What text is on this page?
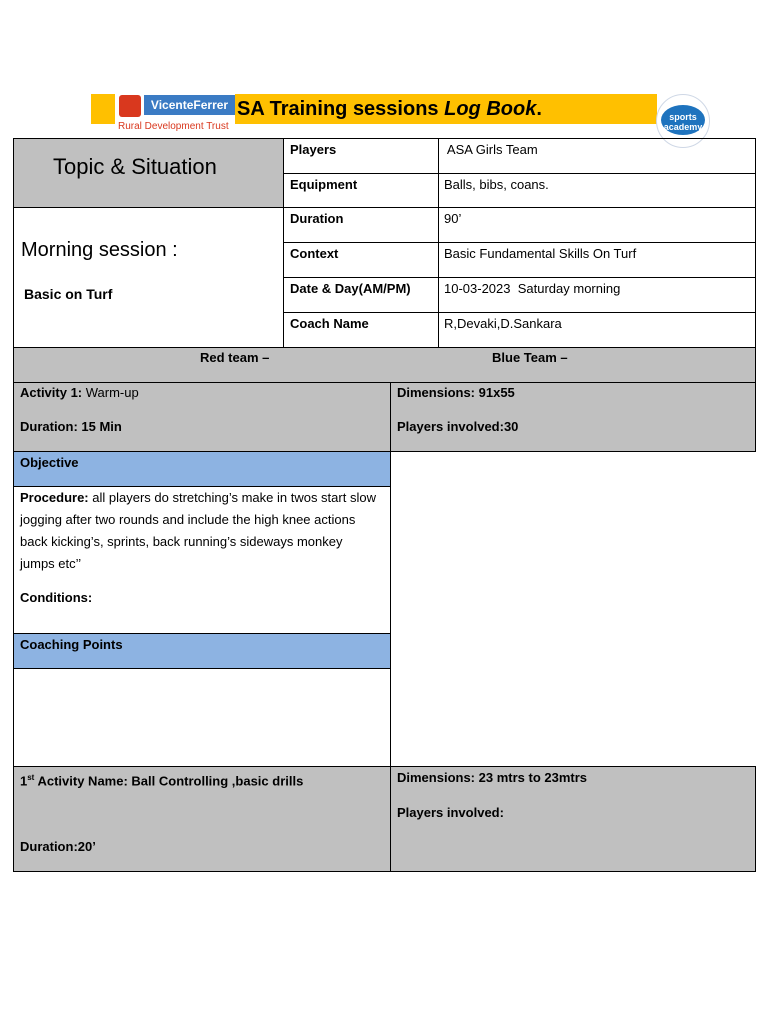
VicenteFerrer
Rural Development Trust
SA Training sessions Log Book.	sports academy
Topic & Situation
Morning session :
Basic on Turf
Players	ASA Girls Team
Equipment	Balls, bibs, coans.
Duration	90’
Context	Basic Fundamental Skills On Turf
Date & Day(AM/PM)	10-03-2023  Saturday morning
Coach Name	R,Devaki,D.Sankara
Red team –	Blue Team –
Activity 1: Warm-up
Duration: 15 Min
Dimensions: 91x55
Players involved:30
Objective
Procedure: all players do stretching’s make in twos start slow jogging after two rounds and include the high knee actions back kicking’s, sprints, back running’s sideways monkey jumps etc’’
Conditions:
Coaching Points
1st Activity Name: Ball Controlling ,basic drills
Duration:20’
Dimensions: 23 mtrs to 23mtrs
Players involved:
